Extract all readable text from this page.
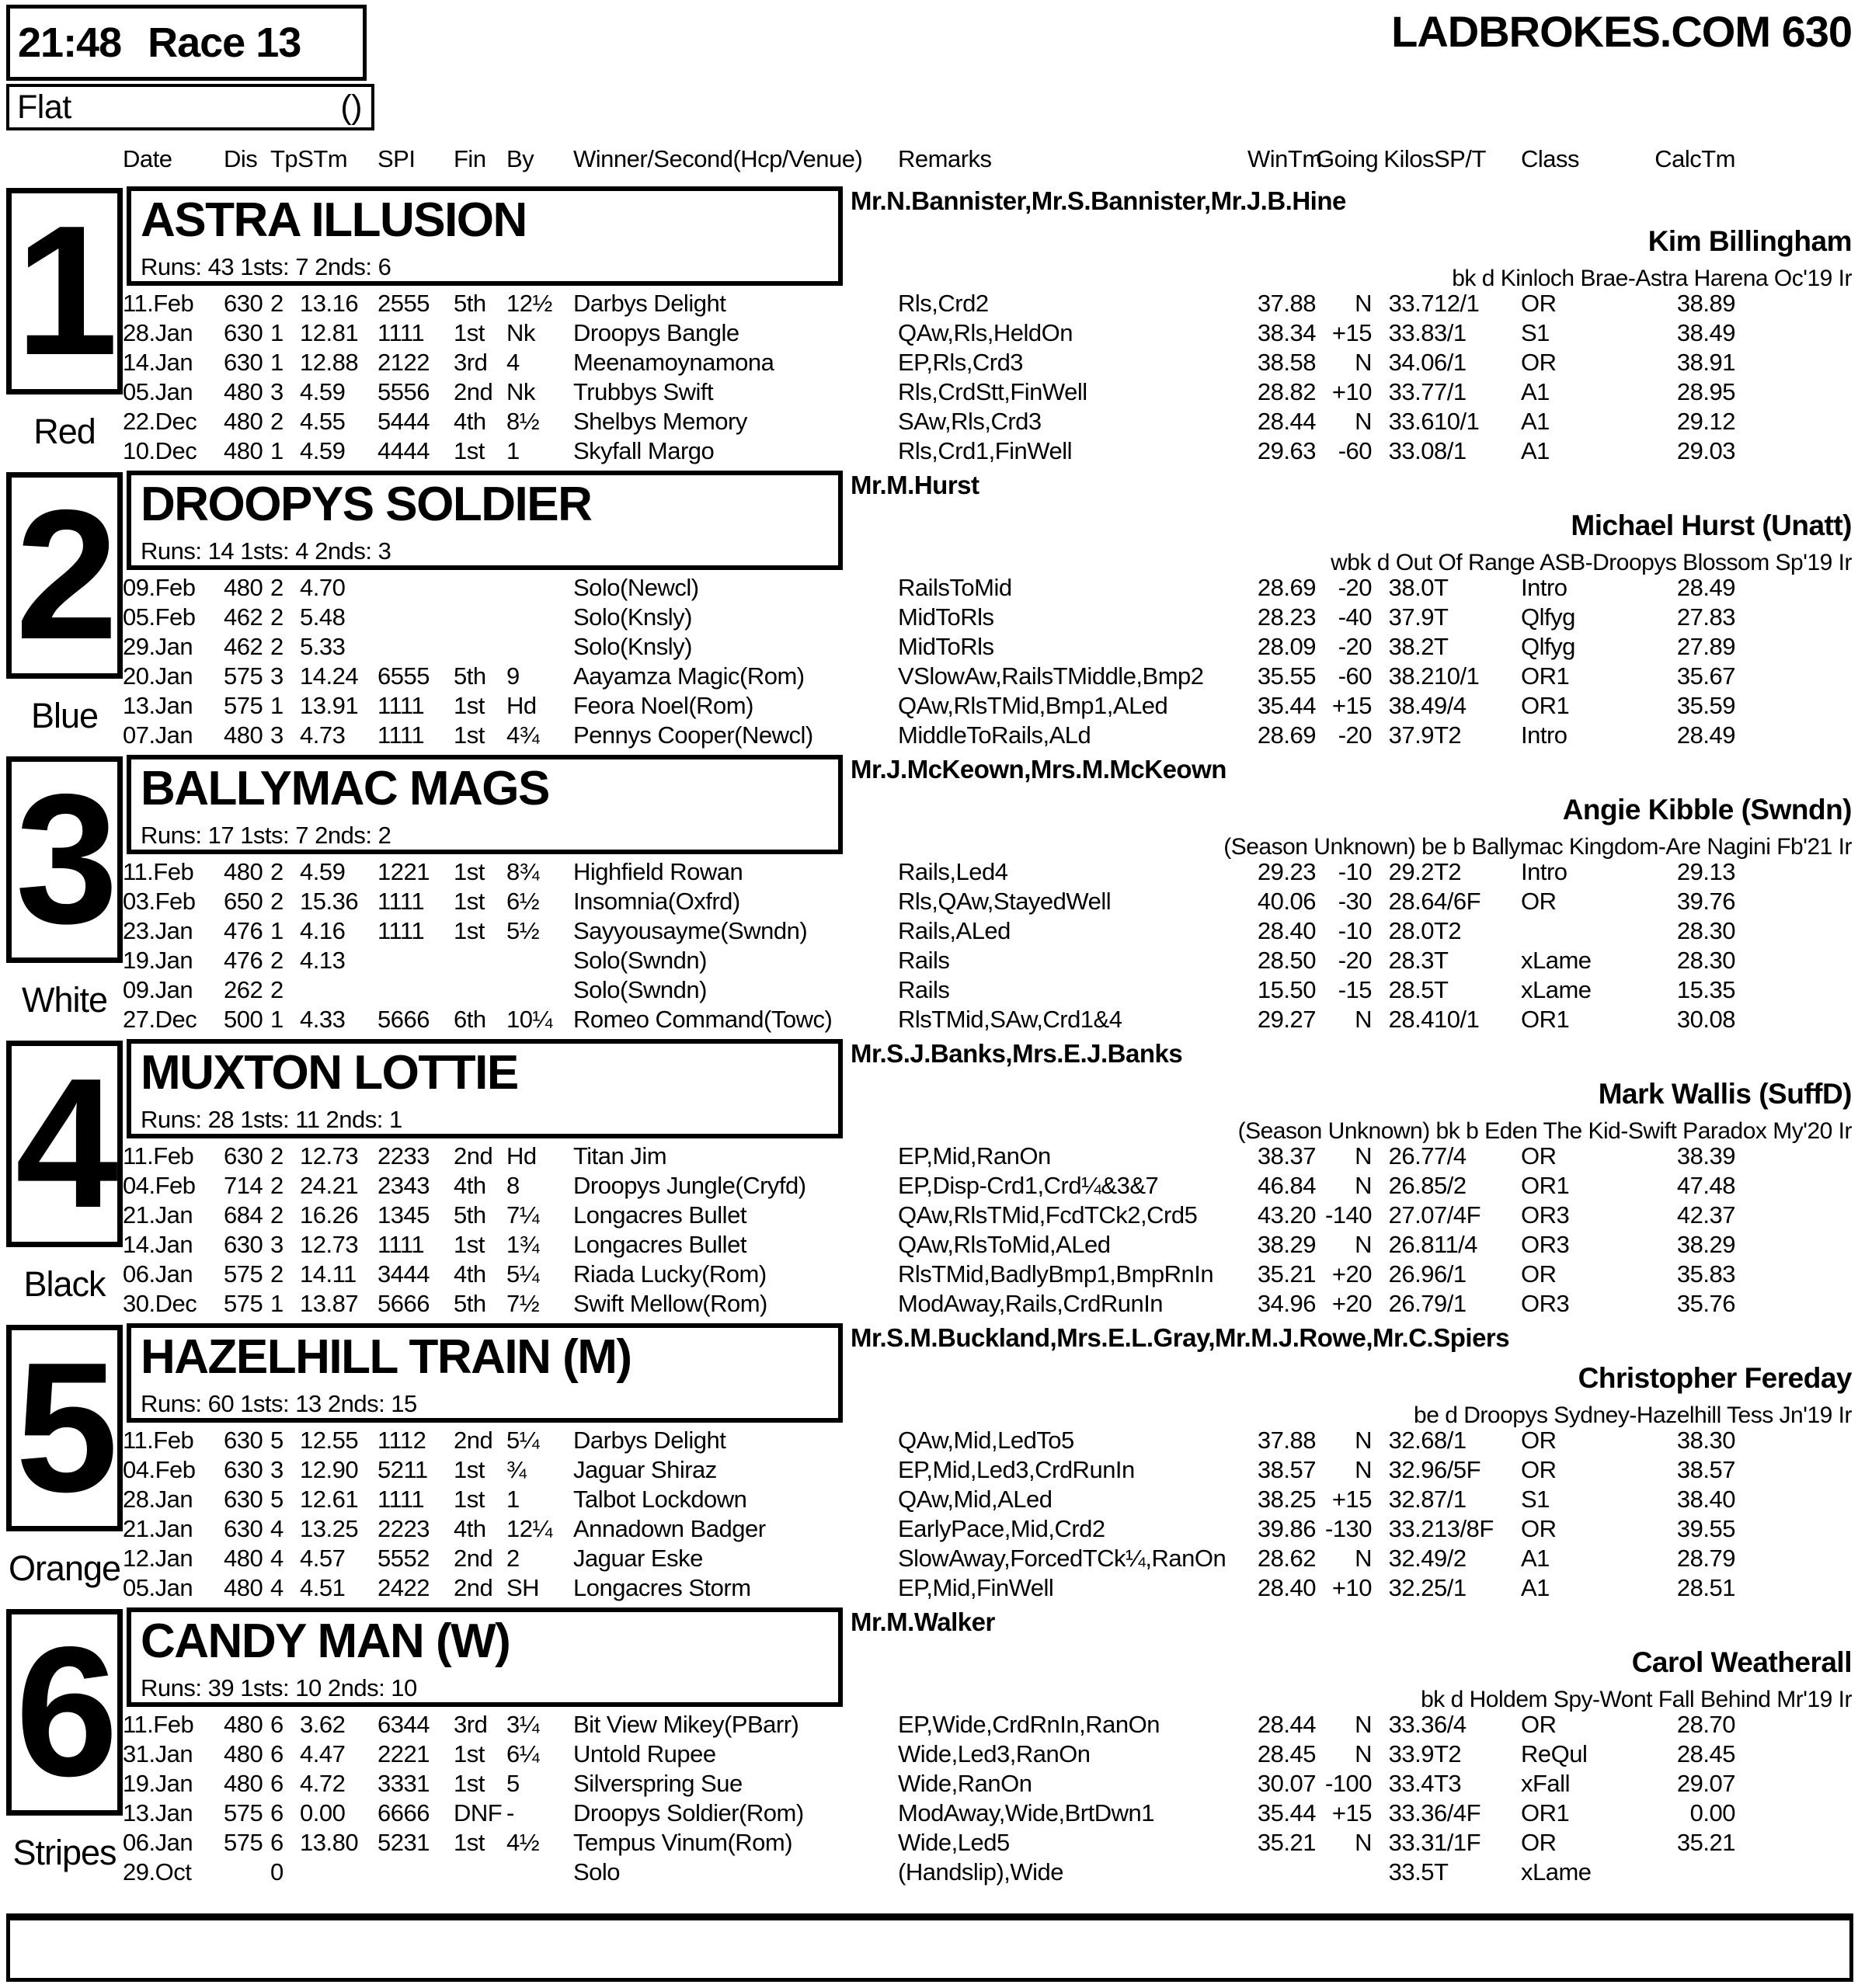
21:48 Race 13
Flat	()
LADBROKES.COM 630
Date	Dis	TpSTm	SPI	Fin	By	Winner/Second(Hcp/Venue)	Remarks	WinTm	Going	Kilos	SP/T	Class	CalcTm
1
Red
ASTRA ILLUSION
Runs: 43 1sts: 7 2nds: 6
Mr.N.Bannister,Mr.S.Bannister,Mr.J.B.Hine
Kim Billingham
bk d Kinloch Brae-Astra Harena Oc'19 Ir
11.Feb	630	2	13.16	2555	5th	12½	Darbys Delight	Rls,Crd2	37.88	N	33.7	12/1	OR	38.89
28.Jan	630	1	12.81	1111	1st	Nk	Droopys Bangle	QAw,Rls,HeldOn	38.34	+15	33.8	3/1	S1	38.49
14.Jan	630	1	12.88	2122	3rd	4	Meenamoynamona	EP,Rls,Crd3	38.58	N	34.0	6/1	OR	38.91
05.Jan	480	3	4.59	5556	2nd	Nk	Trubbys Swift	Rls,CrdStt,FinWell	28.82	+10	33.7	7/1	A1	28.95
22.Dec	480	2	4.55	5444	4th	8½	Shelbys Memory	SAw,Rls,Crd3	28.44	N	33.6	10/1	A1	29.12
10.Dec	480	1	4.59	4444	1st	1	Skyfall Margo	Rls,Crd1,FinWell	29.63	-60	33.0	8/1	A1	29.03
2
Blue
DROOPYS SOLDIER
Runs: 14 1sts: 4 2nds: 3
Mr.M.Hurst
Michael Hurst (Unatt)
wbk d Out Of Range ASB-Droopys Blossom Sp'19 Ir
09.Feb	480	2	4.70				Solo(Newcl)	RailsToMid	28.69	-20	38.0	T	Intro	28.49
05.Feb	462	2	5.48				Solo(Knsly)	MidToRls	28.23	-40	37.9	T	Qlfyg	27.83
29.Jan	462	2	5.33				Solo(Knsly)	MidToRls	28.09	-20	38.2	T	Qlfyg	27.89
20.Jan	575	3	14.24	6555	5th	9	Aayamza Magic(Rom)	VSlowAw,RailsTMiddle,Bmp2	35.55	-60	38.2	10/1	OR1	35.67
13.Jan	575	1	13.91	1111	1st	Hd	Feora Noel(Rom)	QAw,RlsTMid,Bmp1,ALed	35.44	+15	38.4	9/4	OR1	35.59
07.Jan	480	3	4.73	1111	1st	4¾	Pennys Cooper(Newcl)	MiddleToRails,ALd	28.69	-20	37.9	T2	Intro	28.49
3
White
BALLYMAC MAGS
Runs: 17 1sts: 7 2nds: 2
Mr.J.McKeown,Mrs.M.McKeown
Angie Kibble (Swndn)
(Season Unknown) be b Ballymac Kingdom-Are Nagini Fb'21 Ir
11.Feb	480	2	4.59	1221	1st	8¾	Highfield Rowan	Rails,Led4	29.23	-10	29.2	T2	Intro	29.13
03.Feb	650	2	15.36	1111	1st	6½	Insomnia(Oxfrd)	Rls,QAw,StayedWell	40.06	-30	28.6	4/6F	OR	39.76
23.Jan	476	1	4.16	1111	1st	5½	Sayyousayme(Swndn)	Rails,ALed	28.40	-10	28.0	T2		28.30
19.Jan	476	2	4.13				Solo(Swndn)	Rails	28.50	-20	28.3	T	xLame	28.30
09.Jan	262	2					Solo(Swndn)	Rails	15.50	-15	28.5	T	xLame	15.35
27.Dec	500	1	4.33	5666	6th	10¼	Romeo Command(Towc)	RlsTMid,SAw,Crd1&4	29.27	N	28.4	10/1	OR1	30.08
4
Black
MUXTON LOTTIE
Runs: 28 1sts: 11 2nds: 1
Mr.S.J.Banks,Mrs.E.J.Banks
Mark Wallis (SuffD)
(Season Unknown) bk b Eden The Kid-Swift Paradox My'20 Ir
11.Feb	630	2	12.73	2233	2nd	Hd	Titan Jim	EP,Mid,RanOn	38.37	N	26.7	7/4	OR	38.39
04.Feb	714	2	24.21	2343	4th	8	Droopys Jungle(Cryfd)	EP,Disp-Crd1,Crd¼&3&7	46.84	N	26.8	5/2	OR1	47.48
21.Jan	684	2	16.26	1345	5th	7¼	Longacres Bullet	QAw,RlsTMid,FcdTCk2,Crd5	43.20	-140	27.0	7/4F	OR3	42.37
14.Jan	630	3	12.73	1111	1st	1¾	Longacres Bullet	QAw,RlsToMid,ALed	38.29	N	26.8	11/4	OR3	38.29
06.Jan	575	2	14.11	3444	4th	5¼	Riada Lucky(Rom)	RlsTMid,BadlyBmp1,BmpRnIn	35.21	+20	26.9	6/1	OR	35.83
30.Dec	575	1	13.87	5666	5th	7½	Swift Mellow(Rom)	ModAway,Rails,CrdRunIn	34.96	+20	26.7	9/1	OR3	35.76
5
Orange
HAZELHILL TRAIN (M)
Runs: 60 1sts: 13 2nds: 15
Mr.S.M.Buckland,Mrs.E.L.Gray,Mr.M.J.Rowe,Mr.C.Spiers
Christopher Fereday
be d Droopys Sydney-Hazelhill Tess Jn'19 Ir
11.Feb	630	5	12.55	1112	2nd	5¼	Darbys Delight	QAw,Mid,LedTo5	37.88	N	32.6	8/1	OR	38.30
04.Feb	630	3	12.90	5211	1st	¾	Jaguar Shiraz	EP,Mid,Led3,CrdRunIn	38.57	N	32.9	6/5F	OR	38.57
28.Jan	630	5	12.61	1111	1st	1	Talbot Lockdown	QAw,Mid,ALed	38.25	+15	32.8	7/1	S1	38.40
21.Jan	630	4	13.25	2223	4th	12¼	Annadown Badger	EarlyPace,Mid,Crd2	39.86	-130	33.2	13/8F	OR	39.55
12.Jan	480	4	4.57	5552	2nd	2	Jaguar Eske	SlowAway,ForcedTCk¼,RanOn	28.62	N	32.4	9/2	A1	28.79
05.Jan	480	4	4.51	2422	2nd	SH	Longacres Storm	EP,Mid,FinWell	28.40	+10	32.2	5/1	A1	28.51
6
Stripes
CANDY MAN (W)
Runs: 39 1sts: 10 2nds: 10
Mr.M.Walker
Carol Weatherall
bk d Holdem Spy-Wont Fall Behind Mr'19 Ir
11.Feb	480	6	3.62	6344	3rd	3¼	Bit View Mikey(PBarr)	EP,Wide,CrdRnIn,RanOn	28.44	N	33.3	6/4	OR	28.70
31.Jan	480	6	4.47	2221	1st	6¼	Untold Rupee	Wide,Led3,RanOn	28.45	N	33.9	T2	ReQul	28.45
19.Jan	480	6	4.72	3331	1st	5	Silverspring Sue	Wide,RanOn	30.07	-100	33.4	T3	xFall	29.07
13.Jan	575	6	0.00	6666	DNF	-	Droopys Soldier(Rom)	ModAway,Wide,BrtDwn1	35.44	+15	33.3	6/4F	OR1	0.00
06.Jan	575	6	13.80	5231	1st	4½	Tempus Vinum(Rom)	Wide,Led5	35.21	N	33.3	1/1F	OR	35.21
29.Oct		0					Solo	(Handslip),Wide			33.5	T	xLame	
